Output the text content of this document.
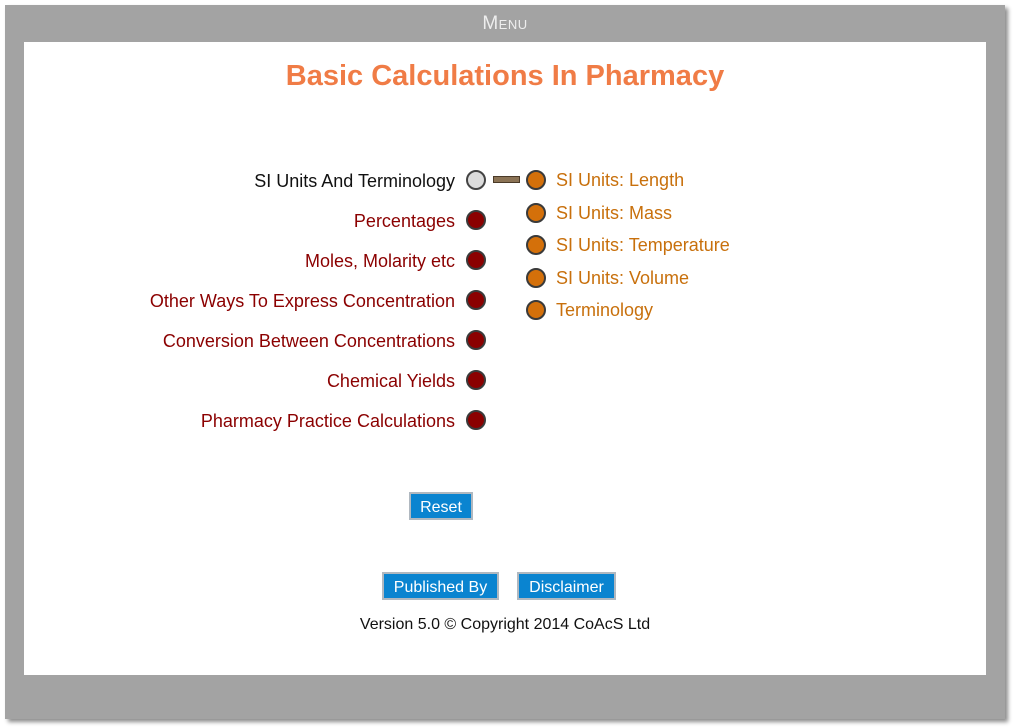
Menu
Basic Calculations In Pharmacy
SI Units And Terminology
Percentages
Moles, Molarity etc
Other Ways To Express Concentration
Conversion Between Concentrations
Chemical Yields
Pharmacy Practice Calculations
SI Units: Length
SI Units: Mass
SI Units: Temperature
SI Units: Volume
Terminology
Reset
Published By	Disclaimer
Version 5.0 © Copyright 2014 CoAcS Ltd
